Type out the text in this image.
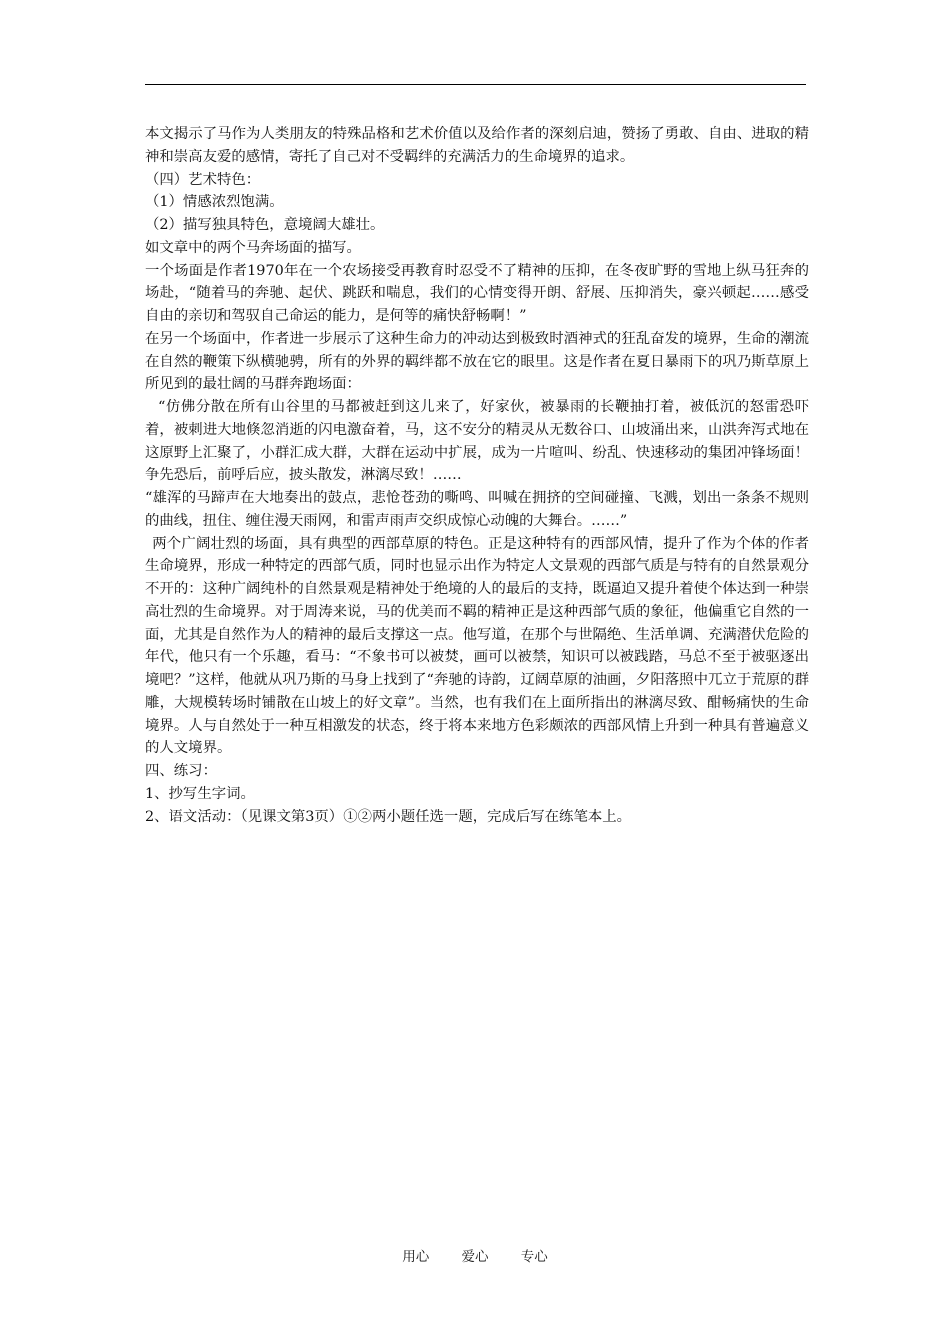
本文揭示了马作为人类朋友的特殊品格和艺术价值以及给作者的深刻启迪，赞扬了勇敢、自由、进取的精神和崇高友爱的感情，寄托了自己对不受羁绊的充满活力的生命境界的追求。

（四）艺术特色：

（1）情感浓烈饱满。

（2）描写独具特色，意境阔大雄壮。

如文章中的两个马奔场面的描写。

一个场面是作者1970年在一个农场接受再教育时忍受不了精神的压抑，在冬夜旷野的雪地上纵马狂奔的场赴，“随着马的奔驰、起伏、跳跃和喘息，我们的心情变得开朗、舒展、压抑消失，豪兴顿起……感受自由的亲切和驾驭自己命运的能力，是何等的痛快舒畅啊！”

在另一个场面中，作者进一步展示了这种生命力的冲动达到极致时酒神式的狂乱奋发的境界，生命的潮流在自然的鞭策下纵横驰骋，所有的外界的羁绊都不放在它的眼里。这是作者在夏日暴雨下的巩乃斯草原上所见到的最壮阔的马群奔跑场面：

“仿佛分散在所有山谷里的马都被赶到这儿来了，好家伙，被暴雨的长鞭抽打着，被低沉的怒雷恐吓着，被刺进大地倏忽消逝的闪电激奋着，马，这不安分的精灵从无数谷口、山坡涌出来，山洪奔泻式地在这原野上汇聚了，小群汇成大群，大群在运动中扩展，成为一片喧叫、纷乱、快速移动的集团冲锋场面！争先恐后，前呼后应，披头散发，淋漓尽致！……

“雄浑的马蹄声在大地奏出的鼓点，悲怆苍劲的嘶鸣、叫喊在拥挤的空间碰撞、飞溅，划出一条条不规则的曲线，扭住、缠住漫天雨网，和雷声雨声交织成惊心动魄的大舞台。……”

两个广阔壮烈的场面，具有典型的西部草原的特色。正是这种特有的西部风情，提升了作为个体的作者生命境界，形成一种特定的西部气质，同时也显示出作为特定人文景观的西部气质是与特有的自然景观分不开的：这种广阔纯朴的自然景观是精神处于绝境的人的最后的支持，既逼迫又提升着使个体达到一种崇高壮烈的生命境界。对于周涛来说，马的优美而不羁的精神正是这种西部气质的象征，他偏重它自然的一面，尤其是自然作为人的精神的最后支撑这一点。他写道，在那个与世隔绝、生活单调、充满潜伏危险的年代，他只有一个乐趣，看马：“不象书可以被焚，画可以被禁，知识可以被践踏，马总不至于被驱逐出境吧？”这样，他就从巩乃斯的马身上找到了“奔驰的诗韵，辽阔草原的油画，夕阳落照中兀立于荒原的群雕，大规模转场时铺散在山坡上的好文章”。当然，也有我们在上面所指出的淋漓尽致、酣畅痛快的生命境界。人与自然处于一种互相激发的状态，终于将本来地方色彩颇浓的西部风情上升到一种具有普遍意义的人文境界。

四、练习：

1、抄写生字词。

2、语文活动：（见课文第3页）①②两小题任选一题，完成后写在练笔本上。

用心 爱心 专心
